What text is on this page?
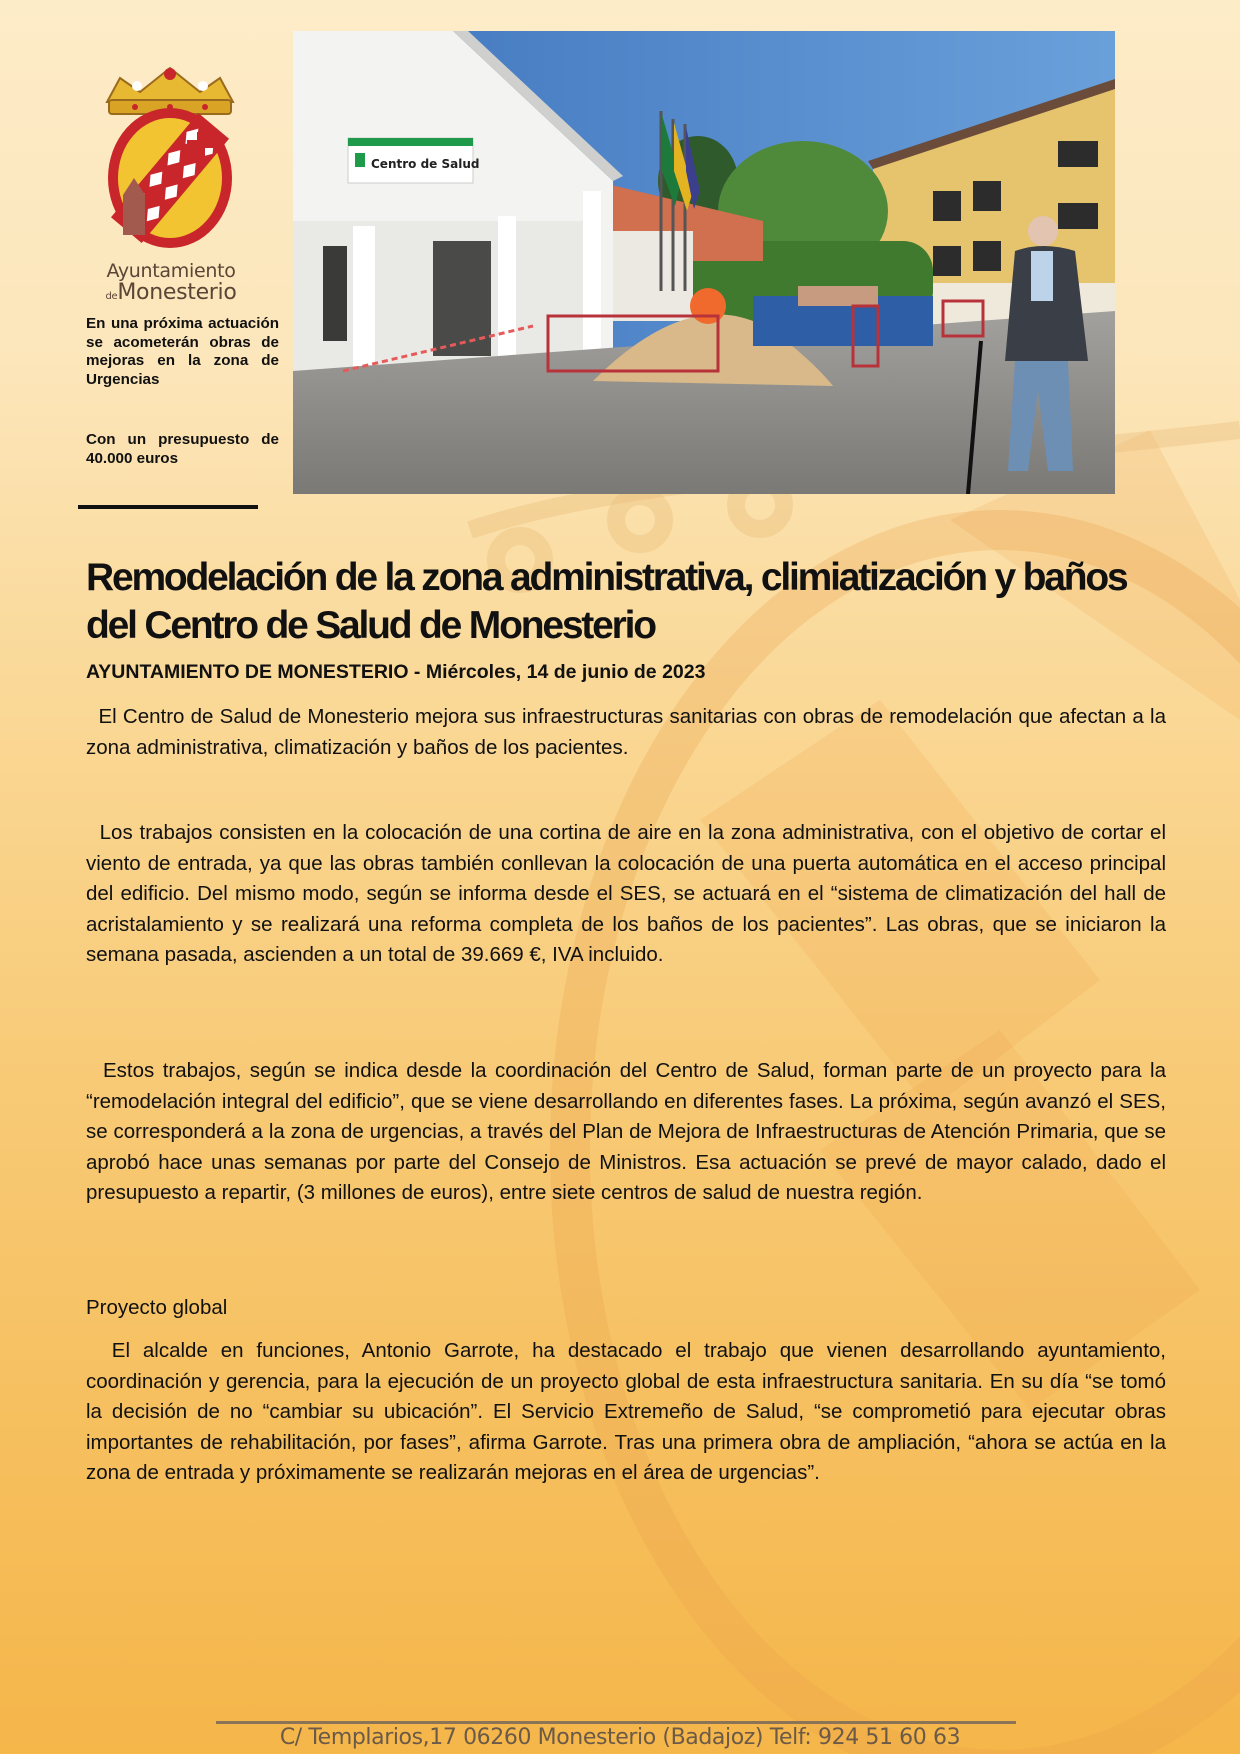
Ayuntamiento
deMonesterio
En una próxima actuación se acometerán obras de mejoras en la zona de Urgencias
Con un presupuesto de 40.000 euros
Centro de Salud
Remodelación de la zona administrativa, climiatización y baños del Centro de Salud de Monesterio
AYUNTAMIENTO DE MONESTERIO - Miércoles, 14 de junio de 2023

El Centro de Salud de Monesterio mejora sus infraestructuras sanitarias con obras de remodelación que afectan a la zona administrativa, climatización y baños de los pacientes.

Los trabajos consisten en la colocación de una cortina de aire en la zona administrativa, con el objetivo de cortar el viento de entrada, ya que las obras también conllevan la colocación de una puerta automática en el acceso principal del edificio. Del mismo modo, según se informa desde el SES, se actuará en el “sistema de climatización del hall de acristalamiento y se realizará una reforma completa de los baños de los pacientes”. Las obras, que se iniciaron la semana pasada, ascienden a un total de 39.669 €, IVA incluido.

Estos trabajos, según se indica desde la coordinación del Centro de Salud, forman parte de un proyecto para la “remodelación integral del edificio”, que se viene desarrollando en diferentes fases. La próxima, según avanzó el SES, se corresponderá a la zona de urgencias, a través del Plan de Mejora de Infraestructuras de Atención Primaria, que se aprobó hace unas semanas por parte del Consejo de Ministros. Esa actuación se prevé de mayor calado, dado el presupuesto a repartir, (3 millones de euros), entre siete centros de salud de nuestra región.

Proyecto global

El alcalde en funciones, Antonio Garrote, ha destacado el trabajo que vienen desarrollando ayuntamiento, coordinación y gerencia, para la ejecución de un proyecto global de esta infraestructura sanitaria. En su día “se tomó la decisión de no “cambiar su ubicación”. El Servicio Extremeño de Salud, “se comprometió para ejecutar obras importantes de rehabilitación, por fases”, afirma Garrote. Tras una primera obra de ampliación, “ahora se actúa en la zona de entrada y próximamente se realizarán mejoras en el área de urgencias”.

C/ Templarios,17 06260 Monesterio (Badajoz) Telf: 924 51 60 63
